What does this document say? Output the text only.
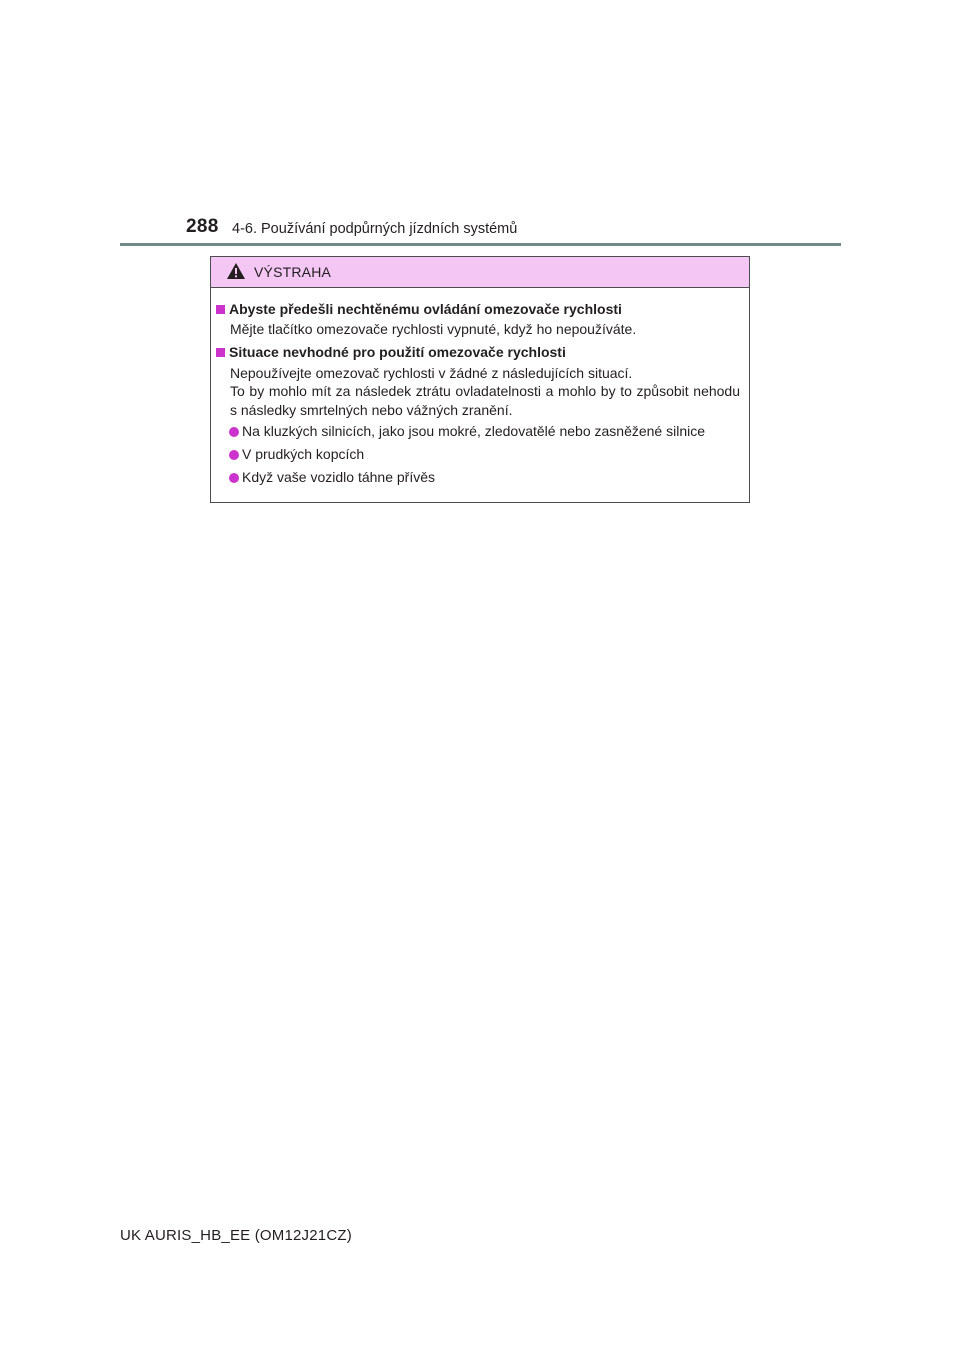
288 4-6. Používání podpůrných jízdních systémů
VÝSTRAHA
Abyste předešli nechtěnému ovládání omezovače rychlosti
Mějte tlačítko omezovače rychlosti vypnuté, když ho nepoužíváte.
Situace nevhodné pro použití omezovače rychlosti
Nepoužívejte omezovač rychlosti v žádné z následujících situací.
To by mohlo mít za následek ztrátu ovladatelnosti a mohlo by to způsobit nehodu s následky smrtelných nebo vážných zranění.
Na kluzkých silnicích, jako jsou mokré, zledovatělé nebo zasněžené silnice
V prudkých kopcích
Když vaše vozidlo táhne přívěs
UK AURIS_HB_EE (OM12J21CZ)
